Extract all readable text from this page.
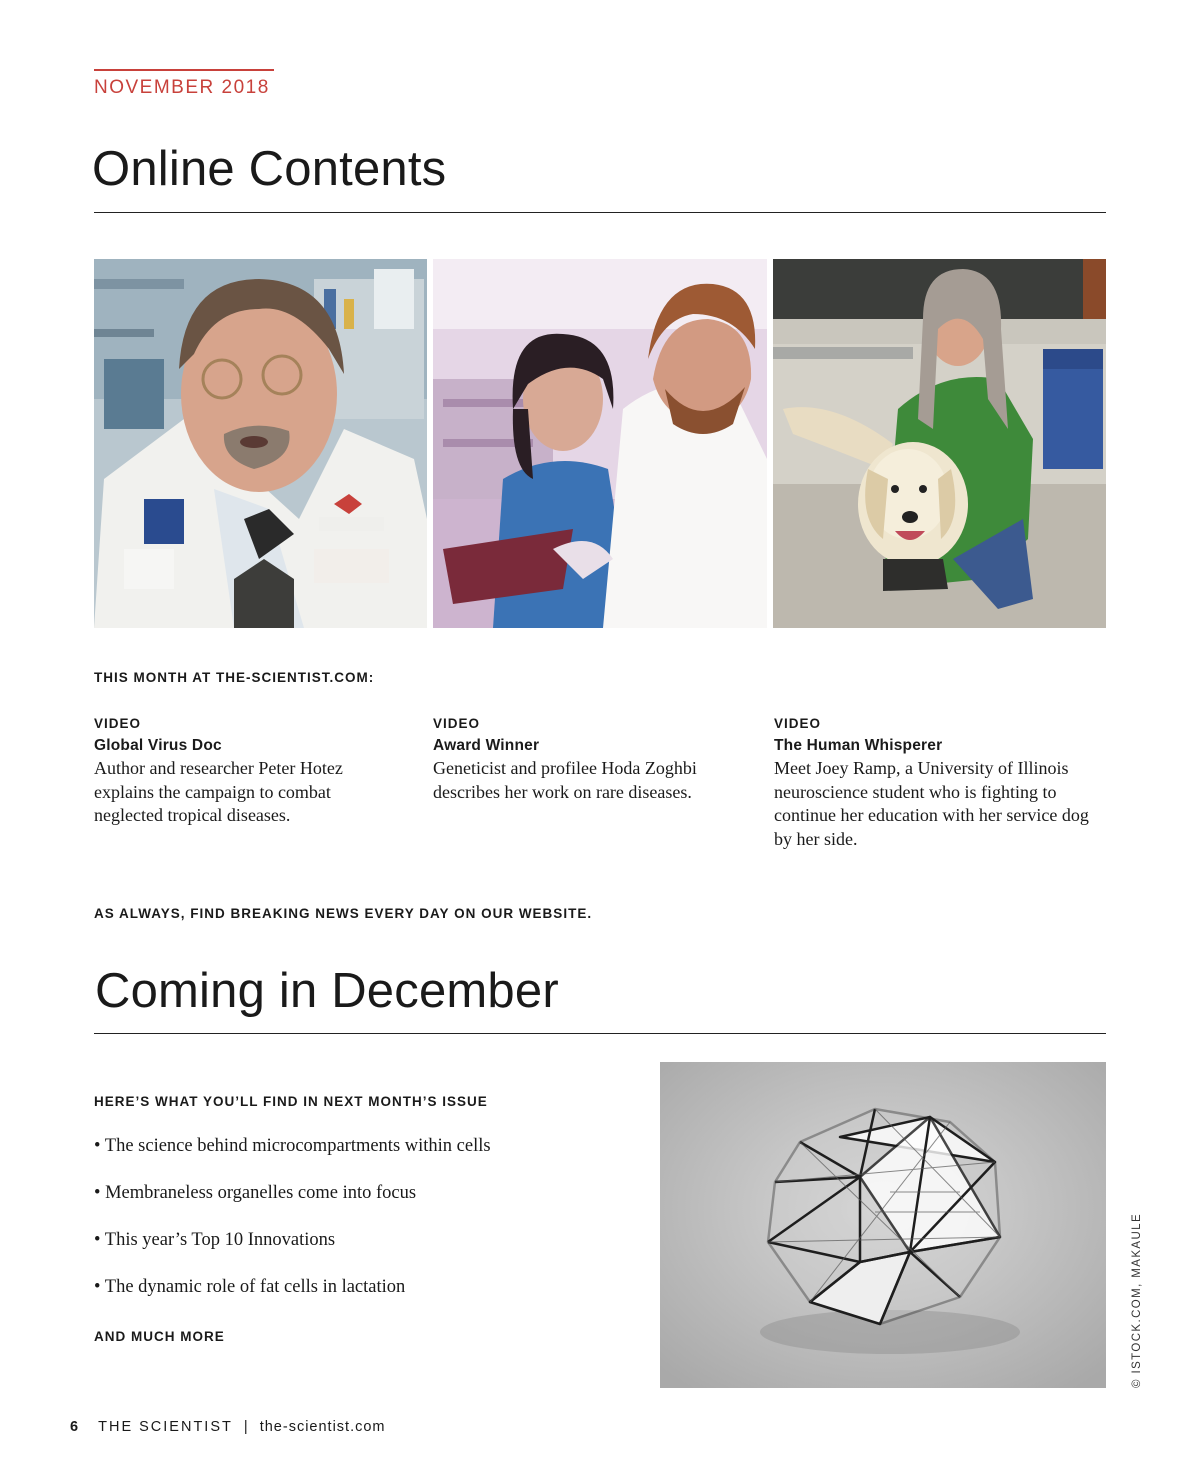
NOVEMBER 2018
Online Contents
THIS MONTH AT THE-SCIENTIST.COM:
VIDEO
Global Virus Doc
Author and researcher Peter Hotez explains the campaign to combat neglected tropical diseases.
VIDEO
Award Winner
Geneticist and profilee Hoda Zoghbi describes her work on rare diseases.
VIDEO
The Human Whisperer
Meet Joey Ramp, a University of Illinois neuroscience student who is fighting to continue her education with her service dog by her side.
AS ALWAYS, FIND BREAKING NEWS EVERY DAY ON OUR WEBSITE.
Coming in December
HERE’S WHAT YOU’LL FIND IN NEXT MONTH’S ISSUE
• The science behind microcompartments within cells
• Membraneless organelles come into focus
• This year’s Top 10 Innovations
• The dynamic role of fat cells in lactation
AND MUCH MORE	© ISTOCK.COM, MAKAULE
6 THE SCIENTIST | the-scientist.com
